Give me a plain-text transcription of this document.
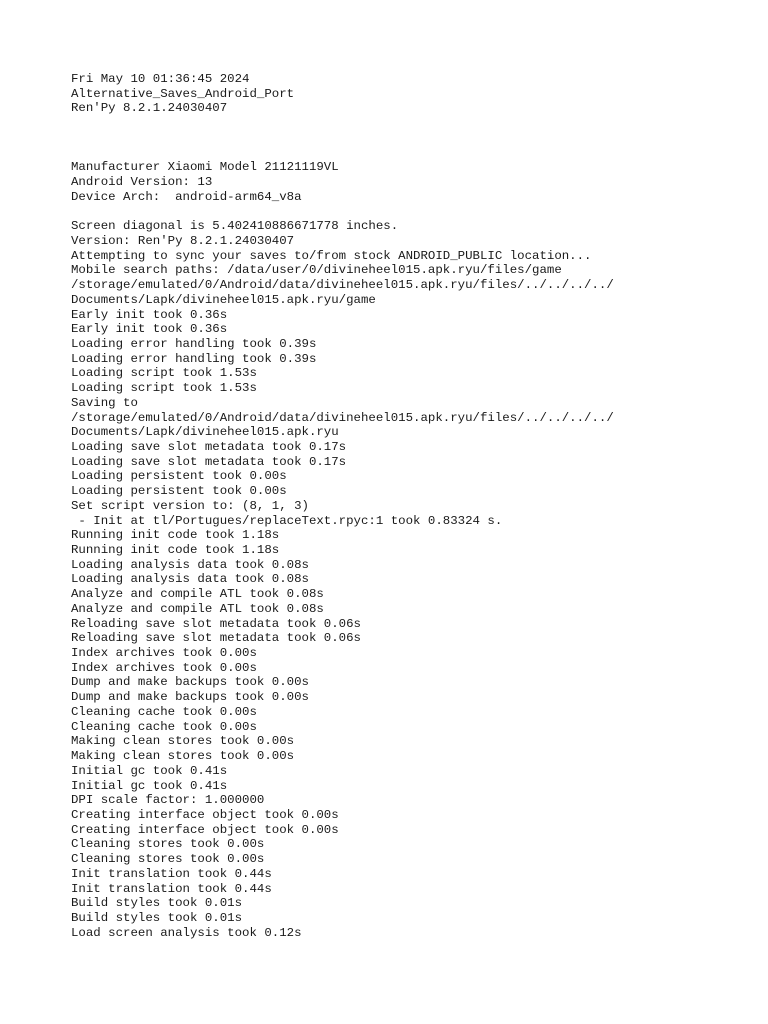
Fri May 10 01:36:45 2024
Alternative_Saves_Android_Port
Ren'Py 8.2.1.24030407
Manufacturer Xiaomi Model 21121119VL
Android Version: 13
Device Arch:  android-arm64_v8a
Screen diagonal is 5.402410886671778 inches.
Version: Ren'Py 8.2.1.24030407
Attempting to sync your saves to/from stock ANDROID_PUBLIC location...
Mobile search paths: /data/user/0/divineheel015.apk.ryu/files/game
/storage/emulated/0/Android/data/divineheel015.apk.ryu/files/../../../../
Documents/Lapk/divineheel015.apk.ryu/game
Early init took 0.36s
Early init took 0.36s
Loading error handling took 0.39s
Loading error handling took 0.39s
Loading script took 1.53s
Loading script took 1.53s
Saving to
/storage/emulated/0/Android/data/divineheel015.apk.ryu/files/../../../../
Documents/Lapk/divineheel015.apk.ryu
Loading save slot metadata took 0.17s
Loading save slot metadata took 0.17s
Loading persistent took 0.00s
Loading persistent took 0.00s
Set script version to: (8, 1, 3)
- Init at tl/Portugues/replaceText.rpyc:1 took 0.83324 s.
Running init code took 1.18s
Running init code took 1.18s
Loading analysis data took 0.08s
Loading analysis data took 0.08s
Analyze and compile ATL took 0.08s
Analyze and compile ATL took 0.08s
Reloading save slot metadata took 0.06s
Reloading save slot metadata took 0.06s
Index archives took 0.00s
Index archives took 0.00s
Dump and make backups took 0.00s
Dump and make backups took 0.00s
Cleaning cache took 0.00s
Cleaning cache took 0.00s
Making clean stores took 0.00s
Making clean stores took 0.00s
Initial gc took 0.41s
Initial gc took 0.41s
DPI scale factor: 1.000000
Creating interface object took 0.00s
Creating interface object took 0.00s
Cleaning stores took 0.00s
Cleaning stores took 0.00s
Init translation took 0.44s
Init translation took 0.44s
Build styles took 0.01s
Build styles took 0.01s
Load screen analysis took 0.12s
